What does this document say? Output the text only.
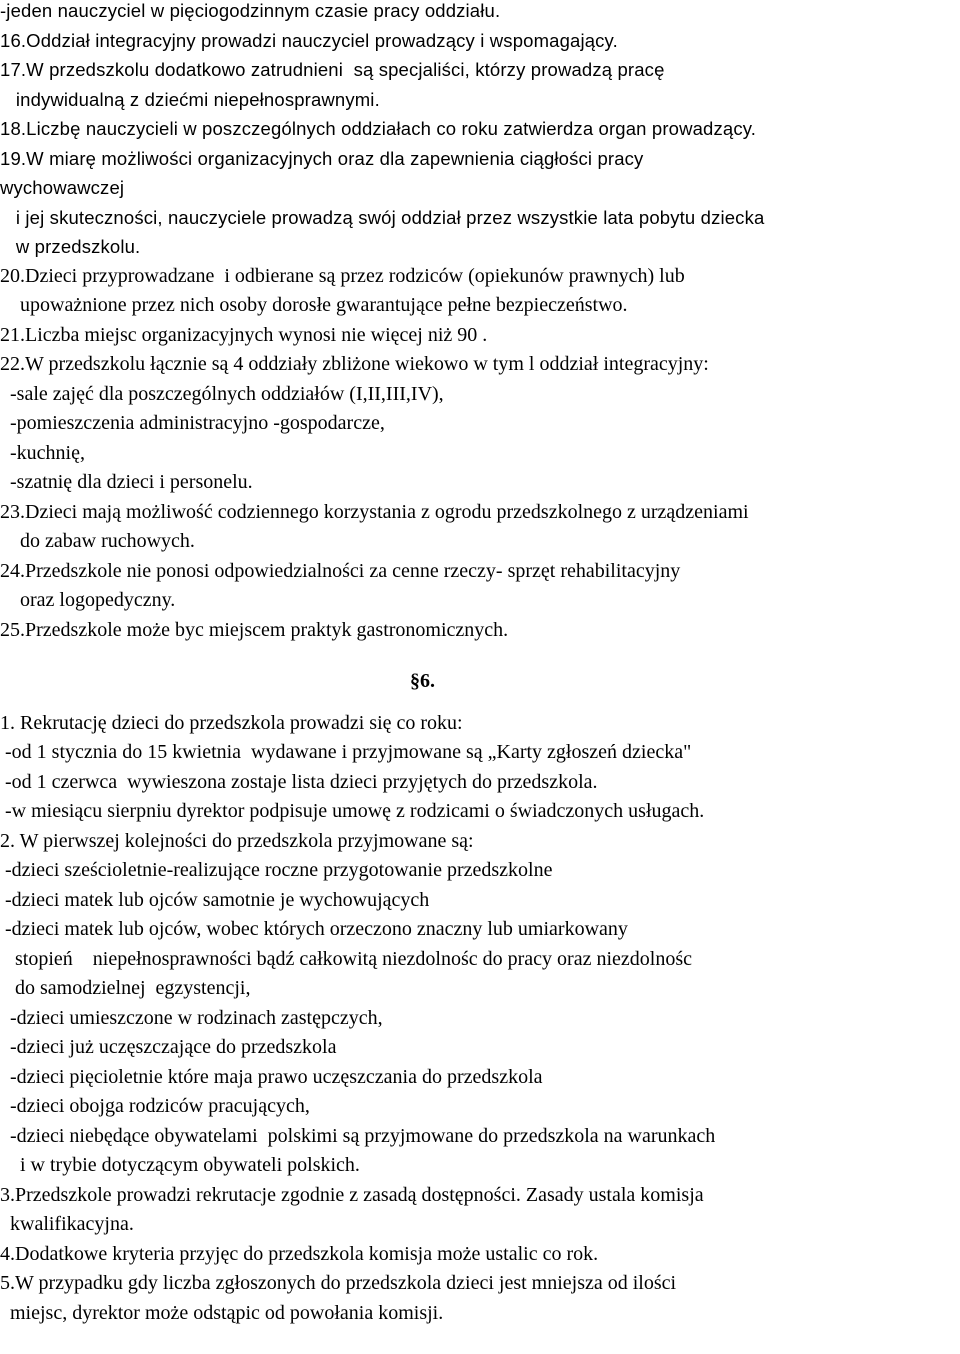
-jeden nauczyciel w pięciogodzinnym czasie pracy oddziału.
16.Oddział integracyjny prowadzi nauczyciel prowadzący i wspomagający.
17.W przedszkolu dodatkowo zatrudnieni  są specjaliści, którzy prowadzą pracę
indywidualną z dziećmi niepełnosprawnymi.
18.Liczbę nauczycieli w poszczególnych oddziałach co roku zatwierdza organ prowadzący.
19.W miarę możliwości organizacyjnych oraz dla zapewnienia ciągłości pracy
wychowawczej
i jej skuteczności, nauczyciele prowadzą swój oddział przez wszystkie lata pobytu dziecka
w przedszkolu.
20.Dzieci przyprowadzane  i odbierane są przez rodziców (opiekunów prawnych) lub
upoważnione przez nich osoby dorosłe gwarantujące pełne bezpieczeństwo.
21.Liczba miejsc organizacyjnych wynosi nie więcej niż 90 .
22.W przedszkolu łącznie są 4 oddziały zbliżone wiekowo w tym l oddział integracyjny:
-sale zajęć dla poszczególnych oddziałów (I,II,III,IV),
-pomieszczenia administracyjno -gospodarcze,
-kuchnię,
-szatnię dla dzieci i personelu.
23.Dzieci mają możliwość codziennego korzystania z ogrodu przedszkolnego z urządzeniami
do zabaw ruchowych.
24.Przedszkole nie ponosi odpowiedzialności za cenne rzeczy- sprzęt rehabilitacyjny
oraz logopedyczny.
25.Przedszkole może byc miejscem praktyk gastronomicznych.
§6.
1. Rekrutację dzieci do przedszkola prowadzi się co roku:
-od 1 stycznia do 15 kwietnia  wydawane i przyjmowane są „Karty zgłoszeń dziecka"
-od 1 czerwca  wywieszona zostaje lista dzieci przyjętych do przedszkola.
-w miesiącu sierpniu dyrektor podpisuje umowę z rodzicami o świadczonych usługach.
2. W pierwszej kolejności do przedszkola przyjmowane są:
-dzieci sześcioletnie-realizujące roczne przygotowanie przedszkolne
-dzieci matek lub ojców samotnie je wychowujących
-dzieci matek lub ojców, wobec których orzeczono znaczny lub umiarkowany
stopień    niepełnosprawności bądź całkowitą niezdolnośc do pracy oraz niezdolnośc
do samodzielnej  egzystencji,
-dzieci umieszczone w rodzinach zastępczych,
-dzieci już uczęszczające do przedszkola
-dzieci pięcioletnie które maja prawo uczęszczania do przedszkola
-dzieci obojga rodziców pracujących,
-dzieci niebędące obywatelami  polskimi są przyjmowane do przedszkola na warunkach
i w trybie dotyczącym obywateli polskich.
3.Przedszkole prowadzi rekrutacje zgodnie z zasadą dostępności. Zasady ustala komisja
kwalifikacyjna.
4.Dodatkowe kryteria przyjęc do przedszkola komisja może ustalic co rok.
5.W przypadku gdy liczba zgłoszonych do przedszkola dzieci jest mniejsza od ilości
miejsc, dyrektor może odstąpic od powołania komisji.
